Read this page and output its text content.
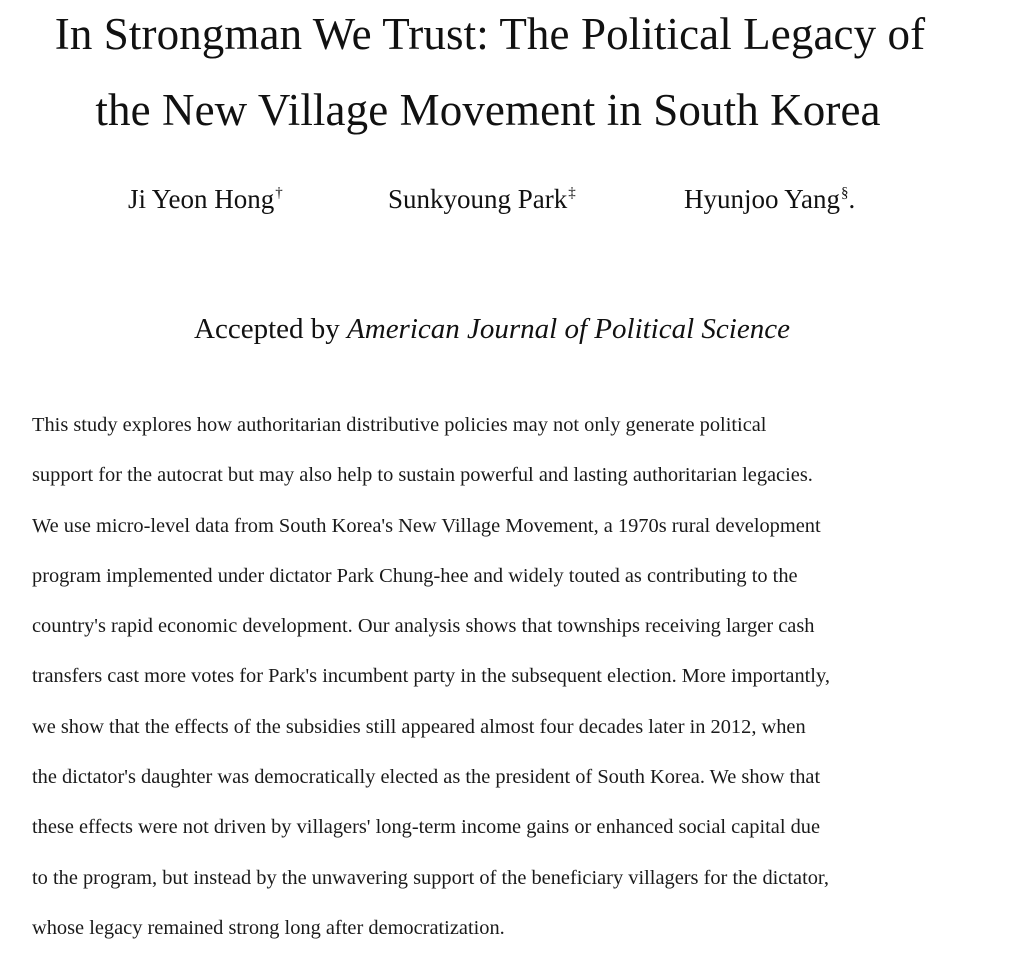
In Strongman We Trust: The Political Legacy of
the New Village Movement in South Korea
Ji Yeon Hong†	Sunkyoung Park‡	Hyunjoo Yang§.
Accepted by American Journal of Political Science
This study explores how authoritarian distributive policies may not only generate political
support for the autocrat but may also help to sustain powerful and lasting authoritarian legacies.
We use micro-level data from South Korea's New Village Movement, a 1970s rural development
program implemented under dictator Park Chung-hee and widely touted as contributing to the
country's rapid economic development. Our analysis shows that townships receiving larger cash
transfers cast more votes for Park's incumbent party in the subsequent election. More importantly,
we show that the effects of the subsidies still appeared almost four decades later in 2012, when
the dictator's daughter was democratically elected as the president of South Korea. We show that
these effects were not driven by villagers' long-term income gains or enhanced social capital due
to the program, but instead by the unwavering support of the beneficiary villagers for the dictator,
whose legacy remained strong long after democratization.
